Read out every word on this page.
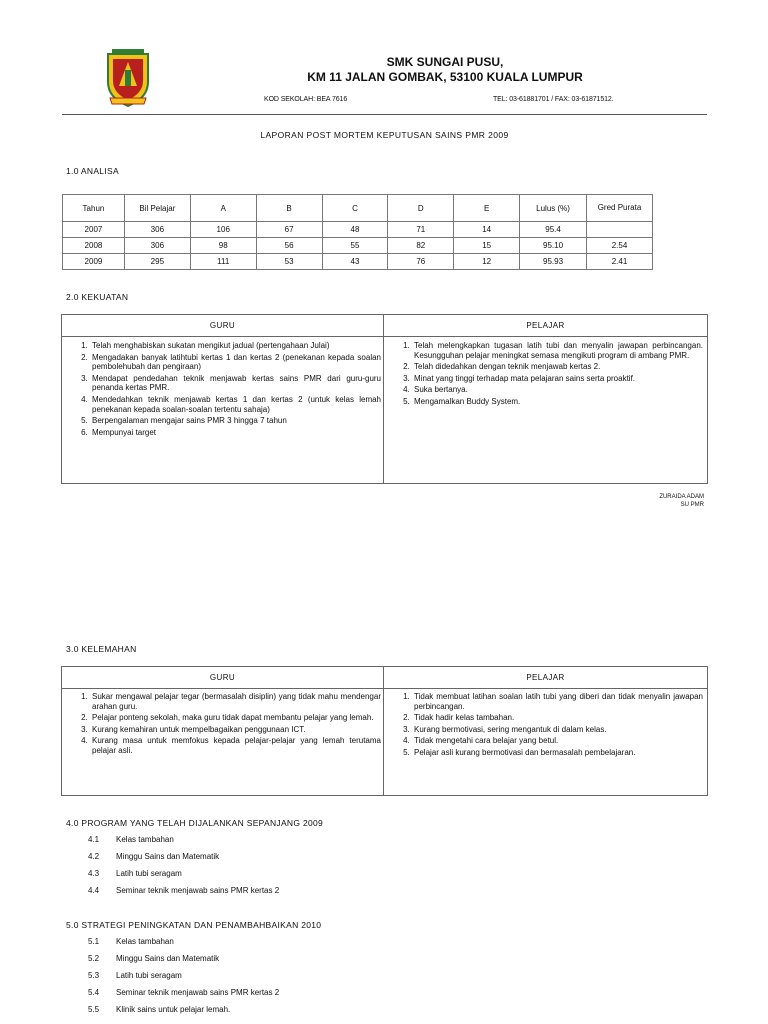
SMK SUNGAI PUSU,
KM 11 JALAN GOMBAK, 53100 KUALA LUMPUR
KOD SEKOLAH: BEA 7616	TEL: 03-61881701 / FAX: 03-61871512.
LAPORAN POST MORTEM KEPUTUSAN SAINS PMR 2009
1.0 ANALISA
Tahun	Bil Pelajar	A	B	C	D	E	Lulus (%)	Gred Purata
2007	306	106	67	48	71	14	95.4	
2008	306	98	56	55	82	15	95.10	2.54
2009	295	111	53	43	76	12	95.93	2.41
2.0 KEKUATAN
GURU	PELAJAR
1. Telah menghabiskan sukatan mengikut jadual (pertengahaan Julai)
2. Mengadakan banyak latihtubi kertas 1 dan kertas 2 (penekanan kepada soalan pembolehubah dan pengiraan)
3. Mendapat pendedahan teknik menjawab kertas sains PMR dari guru-guru penanda kertas PMR.
4. Mendedahkan teknik menjawab kertas 1 dan kertas 2 (untuk kelas lemah penekanan kepada soalan-soalan tertentu sahaja)
5. Berpengalaman mengajar sains PMR 3 hingga 7 tahun
6. Mempunyai target
1. Telah melengkapkan tugasan latih tubi dan menyalin jawapan perbincangan. Kesungguhan pelajar meningkat semasa mengikuti program di ambang PMR.
2. Telah didedahkan dengan teknik menjawab kertas 2.
3. Minat yang tinggi terhadap mata pelajaran sains serta proaktif.
4. Suka bertanya.
5. Mengamalkan Buddy System.
ZURAIDA ADAM
SU PMR
3.0 KELEMAHAN
GURU	PELAJAR
1. Sukar mengawal pelajar tegar (bermasalah disiplin) yang tidak mahu mendengar arahan guru.
2. Pelajar ponteng sekolah, maka guru tidak dapat membantu pelajar yang lemah.
3. Kurang kemahiran untuk mempelbagaikan penggunaan ICT.
4. Kurang masa untuk memfokus kepada pelajar-pelajar yang lemah terutama pelajar asli.
1. Tidak membuat latihan soalan latih tubi yang diberi dan tidak menyalin jawapan perbincangan.
2. Tidak hadir kelas tambahan.
3. Kurang bermotivasi, sering mengantuk di dalam kelas.
4. Tidak mengetahi cara belajar yang betul.
5. Pelajar asli kurang bermotivasi dan bermasalah pembelajaran.
4.0 PROGRAM YANG TELAH DIJALANKAN SEPANJANG 2009
4.1 Kelas tambahan
4.2 Minggu Sains dan Matematik
4.3 Latih tubi seragam
4.4 Seminar teknik menjawab sains PMR kertas 2
5.0 STRATEGI PENINGKATAN DAN PENAMBAHBAIKAN 2010
5.1 Kelas tambahan
5.2 Minggu Sains dan Matematik
5.3 Latih tubi seragam
5.4 Seminar teknik menjawab sains PMR kertas 2
5.5 Klinik sains untuk pelajar lemah.
